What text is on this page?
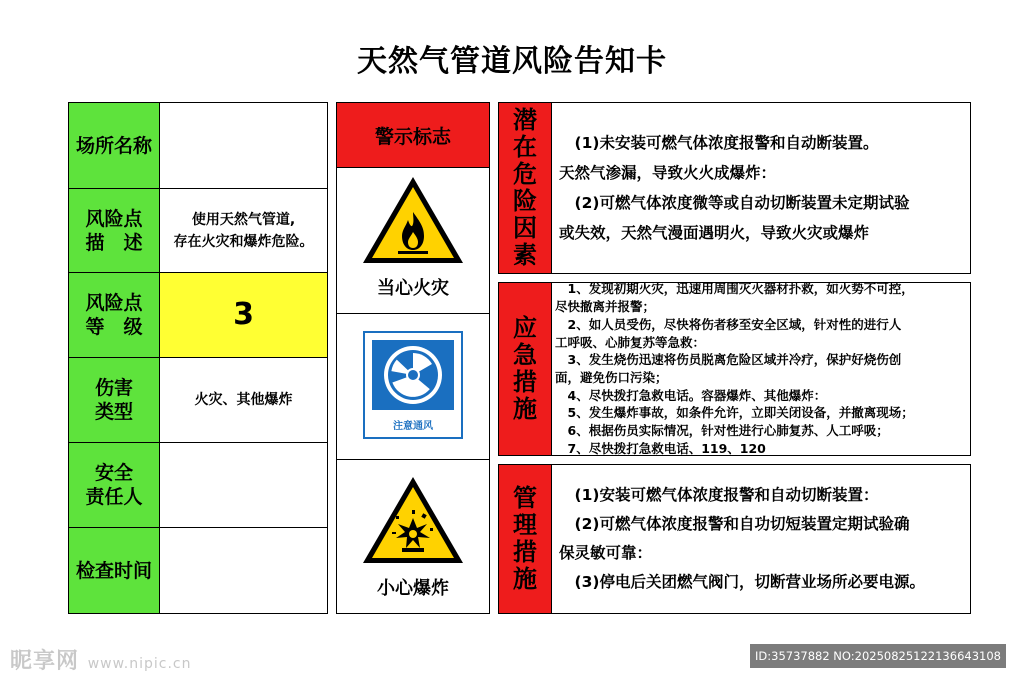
天然气管道风险告知卡
场所名称
风险点
描　述
使用天然气管道,
存在火灾和爆炸危险。
风险点
等　级	3
伤害
类型
火灾、其他爆炸
安全
责任人
检查时间
警示标志
当心火灾
注意通风
小心爆炸
潜在危险因素

　(1)未安装可燃气体浓度报警和自动断装置。

天然气渗漏，导致火火成爆炸：

　(2)可燃气体浓度微等或自动切断装置未定期试验

或失效，天然气漫面遇明火，导致火灾或爆炸

应急措施

　1、发现初期火灾，迅速用周围灭火器材扑救，如火势不可控，

尽快撤离并报警；

　2、如人员受伤，尽快将伤者移至安全区域，针对性的进行人

工呼吸、心肺复苏等急救：

　3、发生烧伤迅速将伤员脱离危险区域并冷疗，保护好烧伤创

面，避免伤口污染；

　4、尽快拨打急救电话。容器爆炸、其他爆炸：

　5、发生爆炸事故，如条件允许，立即关闭设备，并撤离现场；

　6、根据伤员实际情况，针对性进行心肺复苏、人工呼吸；

　7、尽快拨打急救电话、119、120

管理措施

　(1)安装可燃气体浓度报警和自动切断装置：

　(2)可燃气体浓度报警和自功切短装置定期试验确

保灵敏可靠：

　(3)停电后关团燃气阀门，切断营业场所必要电源。

昵享网 www.nipic.cn	ID:35737882 NO:20250825122136643108
